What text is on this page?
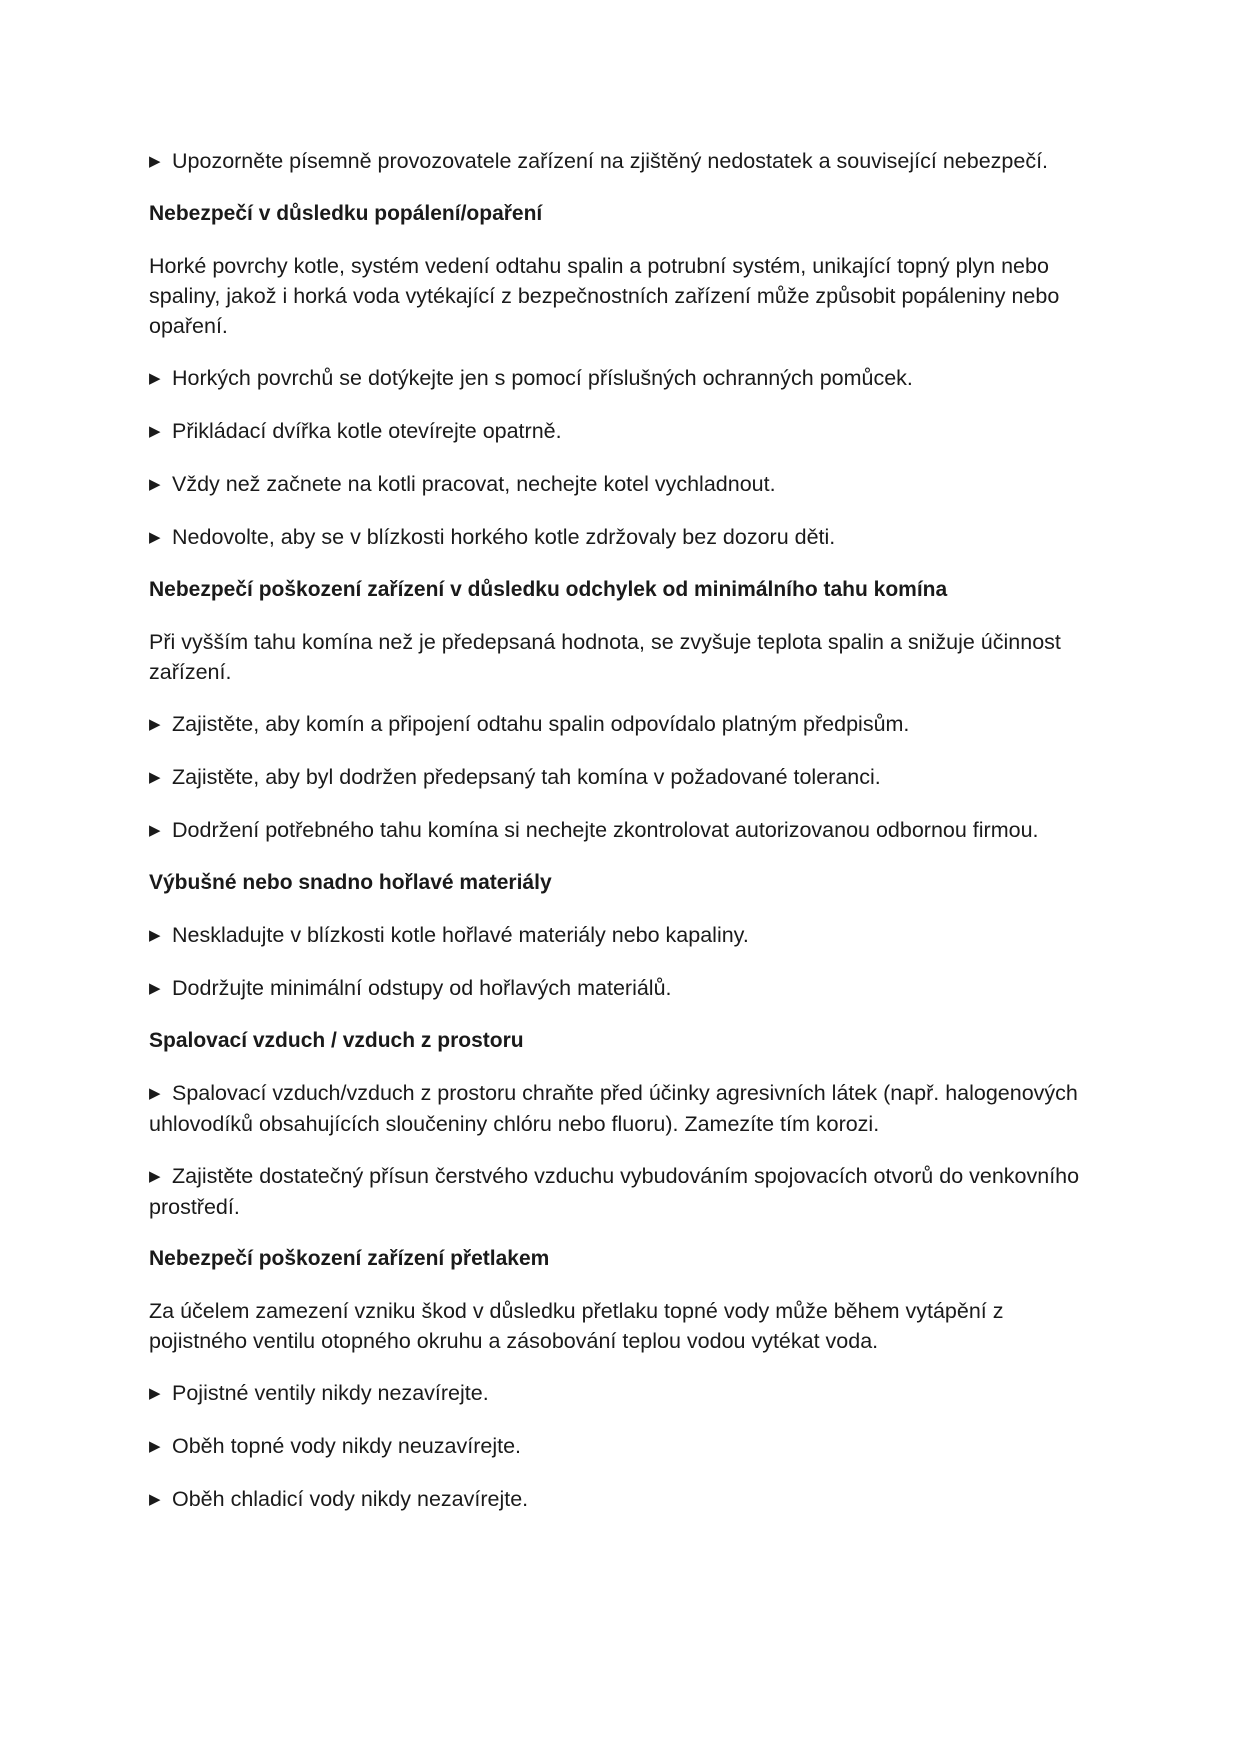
▶ Upozorněte písemně provozovatele zařízení na zjištěný nedostatek a související nebezpečí.

Nebezpečí v důsledku popálení/opaření

Horké povrchy kotle, systém vedení odtahu spalin a potrubní systém, unikající topný plyn nebo spaliny, jakož i horká voda vytékající z bezpečnostních zařízení může způsobit popáleniny nebo opaření.

▶ Horkých povrchů se dotýkejte jen s pomocí příslušných ochranných pomůcek.

▶ Přikládací dvířka kotle otevírejte opatrně.

▶ Vždy než začnete na kotli pracovat, nechejte kotel vychladnout.

▶ Nedovolte, aby se v blízkosti horkého kotle zdržovaly bez dozoru děti.

Nebezpečí poškození zařízení v důsledku odchylek od minimálního tahu komína

Při vyšším tahu komína než je předepsaná hodnota, se zvyšuje teplota spalin a snižuje účinnost zařízení.

▶ Zajistěte, aby komín a připojení odtahu spalin odpovídalo platným předpisům.

▶ Zajistěte, aby byl dodržen předepsaný tah komína v požadované toleranci.

▶ Dodržení potřebného tahu komína si nechejte zkontrolovat autorizovanou odbornou firmou.

Výbušné nebo snadno hořlavé materiály

▶ Neskladujte v blízkosti kotle hořlavé materiály nebo kapaliny.

▶ Dodržujte minimální odstupy od hořlavých materiálů.

Spalovací vzduch / vzduch z prostoru

▶ Spalovací vzduch/vzduch z prostoru chraňte před účinky agresivních látek (např. halogenových uhlovodíků obsahujících sloučeniny chlóru nebo fluoru). Zamezíte tím korozi.

▶ Zajistěte dostatečný přísun čerstvého vzduchu vybudováním spojovacích otvorů do venkovního prostředí.

Nebezpečí poškození zařízení přetlakem

Za účelem zamezení vzniku škod v důsledku přetlaku topné vody může během vytápění z pojistného ventilu otopného okruhu a zásobování teplou vodou vytékat voda.

▶ Pojistné ventily nikdy nezavírejte.

▶ Oběh topné vody nikdy neuzavírejte.

▶ Oběh chladicí vody nikdy nezavírejte.
